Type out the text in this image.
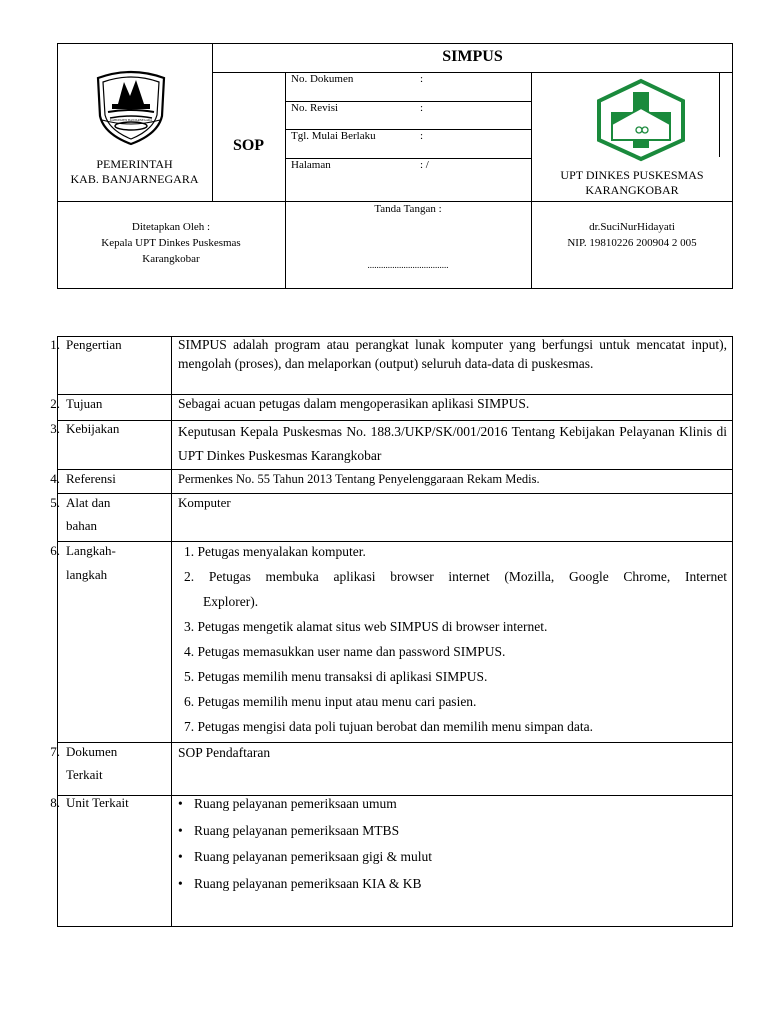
SIMPUS
KABUPATEN BANJARNEGARA
PEMERINTAH
KAB. BANJARNEGARA
SOP
No. Dokumen	:
No. Revisi	:
Tgl. Mulai Berlaku	:
Halaman	: /
UPT DINKES PUSKESMAS
KARANGKOBAR
Ditetapkan Oleh :
Kepala UPT Dinkes Puskesmas
Karangkobar
Tanda Tangan :
....................................
dr.SuciNurHidayati
NIP. 19810226 200904 2 005
1. Pengertian	SIMPUS adalah program atau perangkat lunak komputer yang berfungsi untuk mencatat input), mengolah (proses), dan melaporkan (output) seluruh data-data di puskesmas.
2. Tujuan	Sebagai acuan petugas dalam mengoperasikan aplikasi SIMPUS.
3. Kebijakan	Keputusan Kepala Puskesmas No. 188.3/UKP/SK/001/2016 Tentang Kebijakan Pelayanan Klinis di UPT Dinkes Puskesmas Karangkobar
4. Referensi	Permenkes No. 55 Tahun 2013 Tentang Penyelenggaraan Rekam Medis.
5. Alat dan
bahan
Komputer
6. Langkah-
langkah
1. Petugas menyalakan komputer.
2. Petugas membuka aplikasi browser internet (Mozilla, Google Chrome, Internet
Explorer).
3. Petugas mengetik alamat situs web SIMPUS di browser internet.
4. Petugas memasukkan user name dan password SIMPUS.
5. Petugas memilih menu transaksi di aplikasi SIMPUS.
6. Petugas memilih menu input atau menu cari pasien.
7. Petugas mengisi data poli tujuan berobat dan memilih menu simpan data.
7. Dokumen
Terkait
SOP Pendaftaran
8. Unit Terkait
•	Ruang pelayanan pemeriksaan umum
• Ruang pelayanan pemeriksaan MTBS
• Ruang pelayanan pemeriksaan gigi & mulut
• Ruang pelayanan pemeriksaan KIA & KB
